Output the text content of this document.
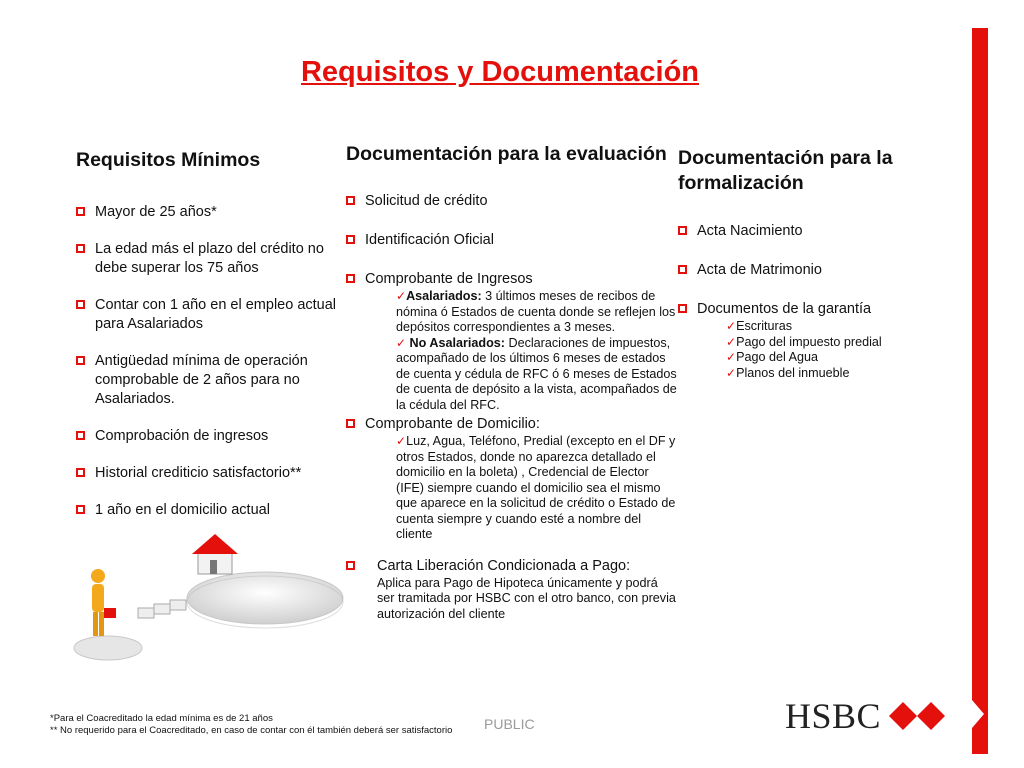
Requisitos y Documentación
Requisitos Mínimos
Mayor de 25 años*
La edad más el plazo del crédito no debe superar los 75 años
Contar con 1 año en el empleo actual para Asalariados
Antigüedad mínima de operación comprobable de 2 años para no Asalariados.
Comprobación de ingresos
Historial crediticio satisfactorio**
1 año en el domicilio actual
Documentación para la evaluación
Solicitud de crédito
Identificación Oficial
Comprobante de Ingresos
✓Asalariados: 3 últimos meses de recibos de nómina ó Estados de cuenta donde se reflejen los depósitos correspondientes a 3 meses.
✓ No Asalariados: Declaraciones de impuestos, acompañado de los últimos 6 meses de estados de cuenta y cédula de RFC ó 6 meses de Estados de cuenta de depósito a la vista, acompañados de la cédula del RFC.
Comprobante de Domicilio:
✓Luz, Agua, Teléfono, Predial (excepto en el DF y otros Estados, donde no aparezca detallado el domicilio en la boleta) , Credencial de Elector (IFE) siempre cuando el domicilio sea el mismo que aparece en la solicitud de crédito o Estado de cuenta siempre y cuando esté a nombre del cliente
Carta Liberación Condicionada a Pago:
Aplica para Pago de Hipoteca únicamente y podrá ser tramitada por HSBC con el otro banco, con previa autorización del cliente
Documentación para la formalización
Acta Nacimiento
Acta de Matrimonio
Documentos de la garantía
✓Escrituras
✓Pago del impuesto predial
✓Pago del Agua
✓Planos del inmueble
*Para el Coacreditado la edad mínima es de 21 años
** No requerido para el Coacreditado, en caso de contar con él también deberá ser satisfactorio PUBLIC	HSBC
